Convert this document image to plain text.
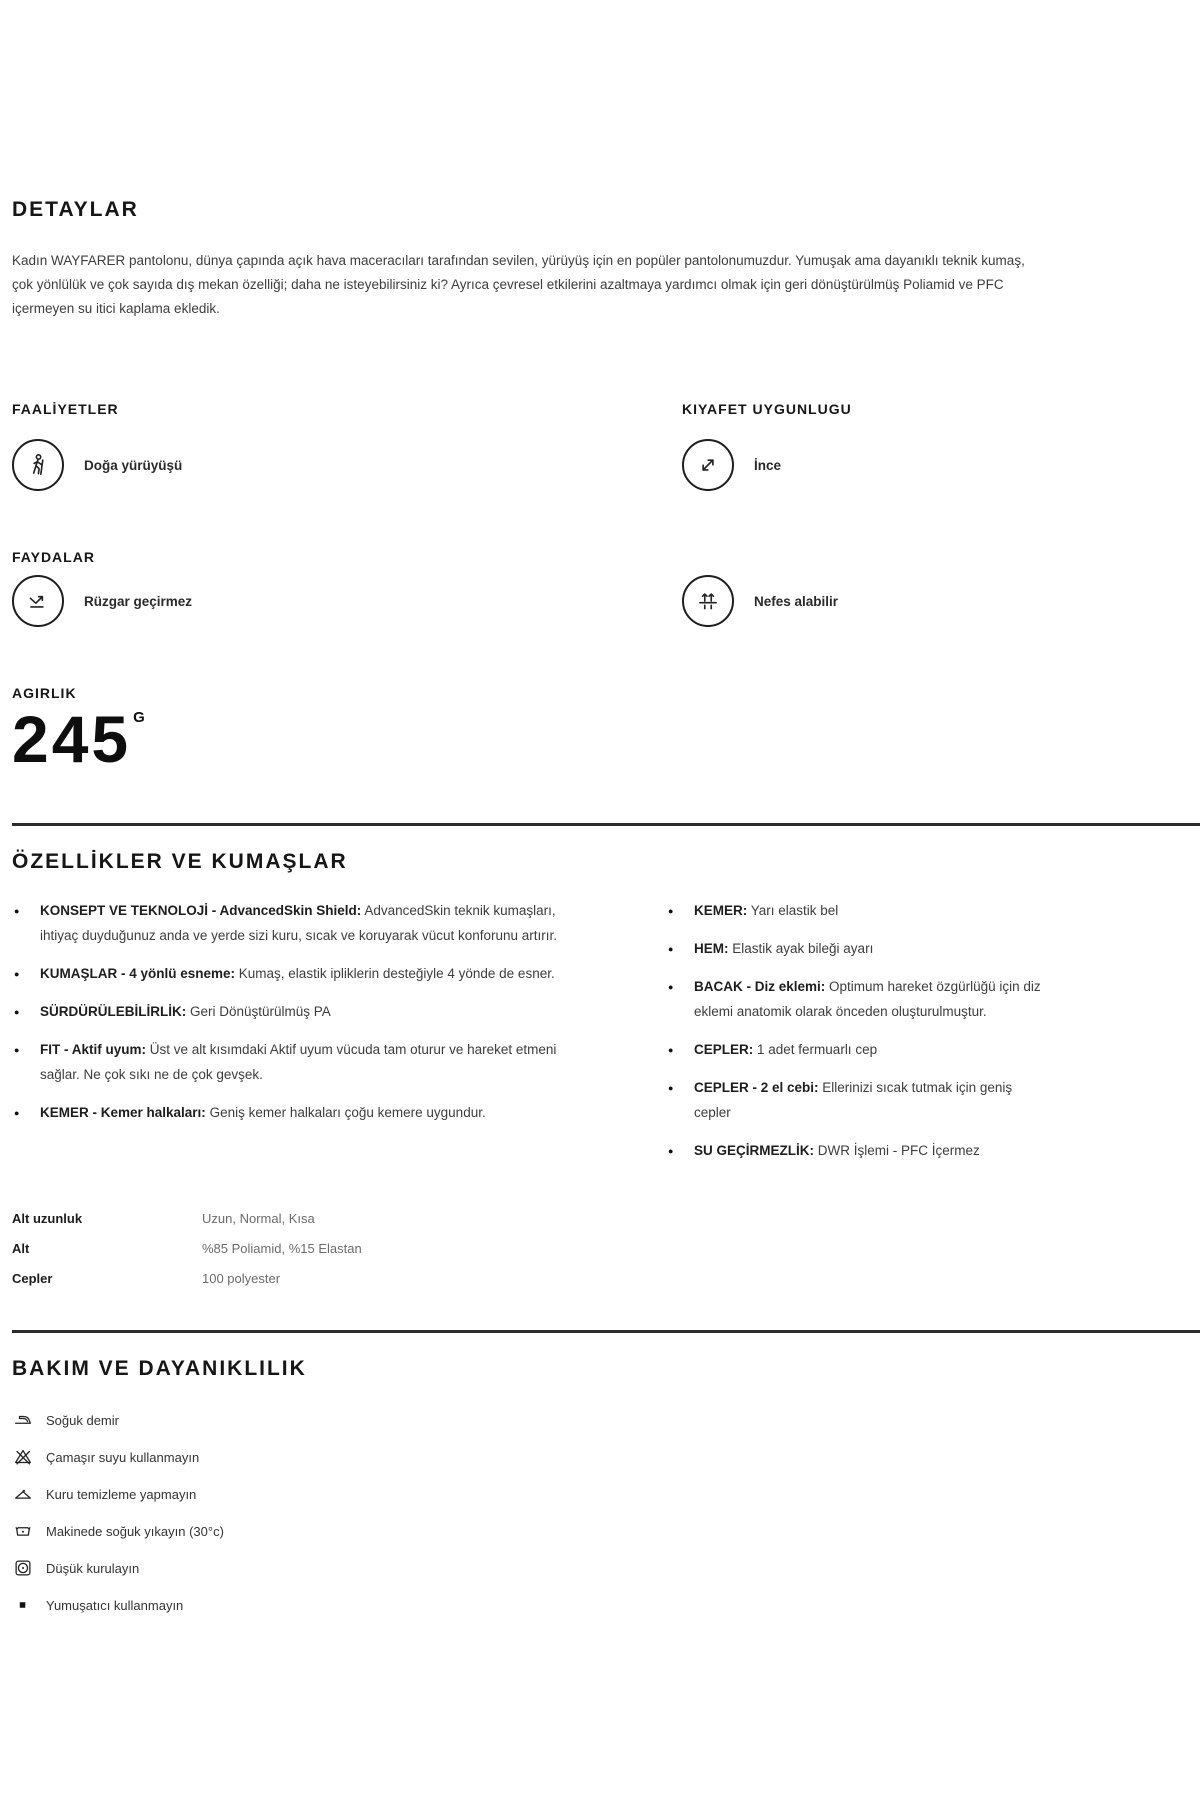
DETAYLAR

Kadın WAYFARER pantolonu, dünya çapında açık hava maceracıları tarafından sevilen, yürüyüş için en popüler pantolonumuzdur. Yumuşak ama dayanıklı teknik kumaş, çok yönlülük ve çok sayıda dış mekan özelliği; daha ne isteyebilirsiniz ki? Ayrıca çevresel etkilerini azaltmaya yardımcı olmak için geri dönüştürülmüş Poliamid ve PFC içermeyen su itici kaplama ekledik.

FAALİYETLER	KIYAFET UYGUNLUGU
Doğa yürüyüşü	İnce
FAYDALAR
Rüzgar geçirmez	Nefes alabilir
AGIRLIK
245 G
ÖZELLİKLER VE KUMAŞLAR
● KONSEPT VE TEKNOLOJİ - AdvancedSkin Shield: AdvancedSkin teknik kumaşları, ihtiyaç duyduğunuz anda ve yerde sizi kuru, sıcak ve koruyarak vücut konforunu artırır.
● KUMAŞLAR - 4 yönlü esneme: Kumaş, elastik ipliklerin desteğiyle 4 yönde de esner.
● SÜRDÜRÜLEBİLİRLİK: Geri Dönüştürülmüş PA
● FIT - Aktif uyum: Üst ve alt kısımdaki Aktif uyum vücuda tam oturur ve hareket etmeni sağlar. Ne çok sıkı ne de çok gevşek.
● KEMER - Kemer halkaları: Geniş kemer halkaları çoğu kemere uygundur.
● KEMER: Yarı elastik bel
● HEM: Elastik ayak bileği ayarı
● BACAK - Diz eklemi: Optimum hareket özgürlüğü için diz eklemi anatomik olarak önceden oluşturulmuştur.
● CEPLER: 1 adet fermuarlı cep
● CEPLER - 2 el cebi: Ellerinizi sıcak tutmak için geniş cepler
● SU GEÇİRMEZLİK: DWR İşlemi - PFC İçermez
Alt uzunluk	Uzun, Normal, Kısa
Alt	%85 Poliamid, %15 Elastan
Cepler	100 polyester
BAKIM VE DAYANIKLILIK
Soğuk demir
Çamaşır suyu kullanmayın
Kuru temizleme yapmayın
Makinede soğuk yıkayın (30°c)
Düşük kurulayın
Yumuşatıcı kullanmayın
